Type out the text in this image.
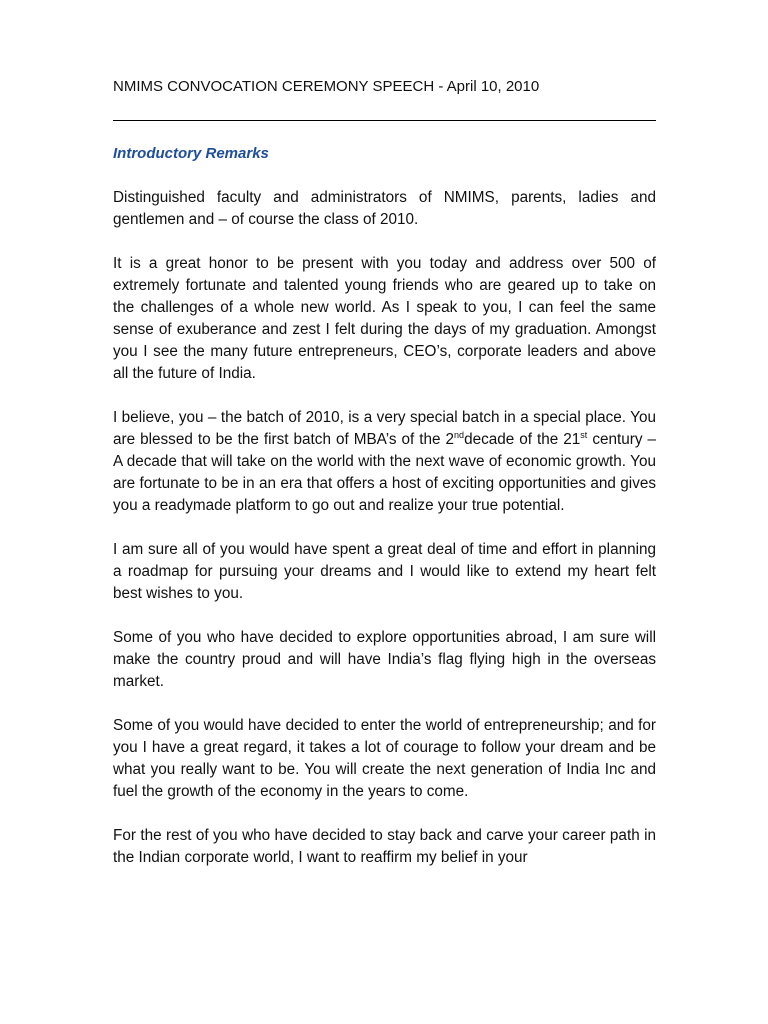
NMIMS CONVOCATION CEREMONY SPEECH - April 10, 2010

Introductory Remarks

Distinguished faculty and administrators of NMIMS, parents, ladies and gentlemen and – of course the class of 2010.

It is a great honor to be present with you today and address over 500 of extremely fortunate and talented young friends who are geared up to take on the challenges of a whole new world. As I speak to you, I can feel the same sense of exuberance and zest I felt during the days of my graduation. Amongst you I see the many future entrepreneurs, CEO’s, corporate leaders and above all the future of India.

I believe, you – the batch of 2010, is a very special batch in a special place. You are blessed to be the first batch of MBA’s of the 2nddecade of the 21st century – A decade that will take on the world with the next wave of economic growth. You are fortunate to be in an era that offers a host of exciting opportunities and gives you a readymade platform to go out and realize your true potential.

I am sure all of you would have spent a great deal of time and effort in planning a roadmap for pursuing your dreams and I would like to extend my heart felt best wishes to you.

Some of you who have decided to explore opportunities abroad, I am sure will make the country proud and will have India’s flag flying high in the overseas market.

Some of you would have decided to enter the world of entrepreneurship; and for you I have a great regard, it takes a lot of courage to follow your dream and be what you really want to be. You will create the next generation of India Inc and fuel the growth of the economy in the years to come.

For the rest of you who have decided to stay back and carve your career path in the Indian corporate world, I want to reaffirm my belief in your
